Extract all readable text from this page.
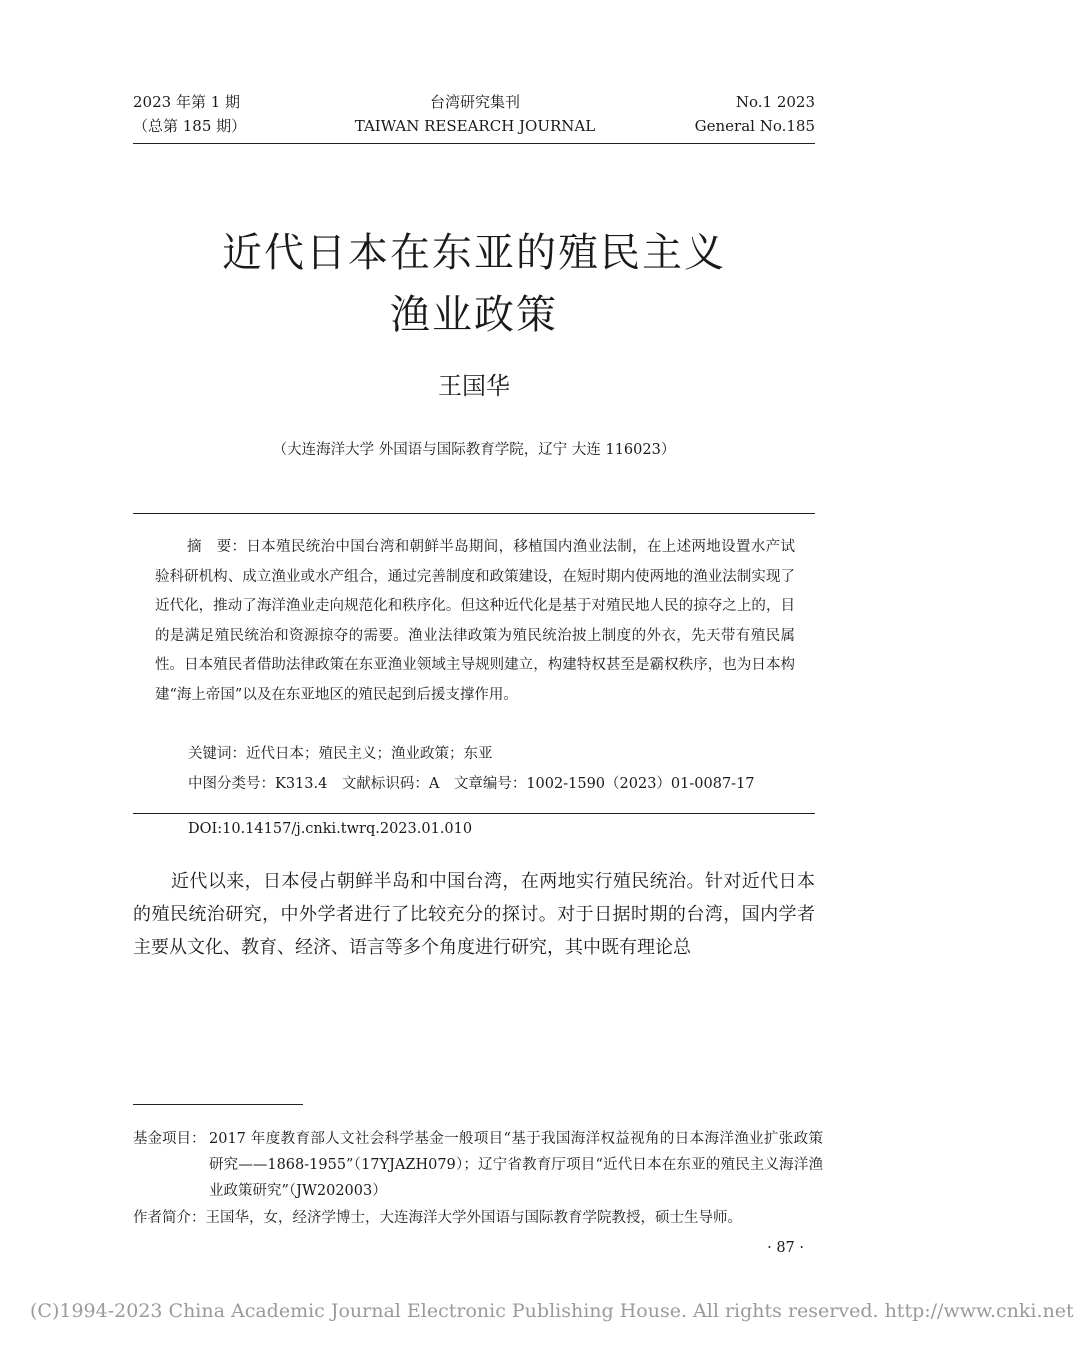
2023 年第 1 期
（总第 185 期）
台湾研究集刊
TAIWAN RESEARCH JOURNAL
No.1 2023
General No.185
近代日本在东亚的殖民主义
渔业政策
王国华
（大连海洋大学 外国语与国际教育学院，辽宁 大连 116023）

摘　要：日本殖民统治中国台湾和朝鲜半岛期间，移植国内渔业法制，在上述两地设置水产试验科研机构、成立渔业或水产组合，通过完善制度和政策建设，在短时期内使两地的渔业法制实现了近代化，推动了海洋渔业走向规范化和秩序化。但这种近代化是基于对殖民地人民的掠夺之上的，目的是满足殖民统治和资源掠夺的需要。渔业法律政策为殖民统治披上制度的外衣，先天带有殖民属性。日本殖民者借助法律政策在东亚渔业领域主导规则建立，构建特权甚至是霸权秩序，也为日本构建“海上帝国”以及在东亚地区的殖民起到后援支撑作用。

关键词：近代日本；殖民主义；渔业政策；东亚
中图分类号：K313.4　文献标识码：A　文章编号：1002-1590（2023）01-0087-17
DOI:10.14157/j.cnki.twrq.2023.01.010

近代以来，日本侵占朝鲜半岛和中国台湾，在两地实行殖民统治。针对近代日本的殖民统治研究，中外学者进行了比较充分的探讨。对于日据时期的台湾，国内学者主要从文化、教育、经济、语言等多个角度进行研究，其中既有理论总

基金项目： 2017 年度教育部人文社会科学基金一般项目“基于我国海洋权益视角的日本海洋渔业扩张政策研究——1868-1955”（17YJAZH079）；辽宁省教育厅项目“近代日本在东亚的殖民主义海洋渔业政策研究”（JW202003）
作者简介：王国华，女，经济学博士，大连海洋大学外国语与国际教育学院教授，硕士生导师。
· 87 ·
(C)1994-2023 China Academic Journal Electronic Publishing House. All rights reserved. http://www.cnki.net
